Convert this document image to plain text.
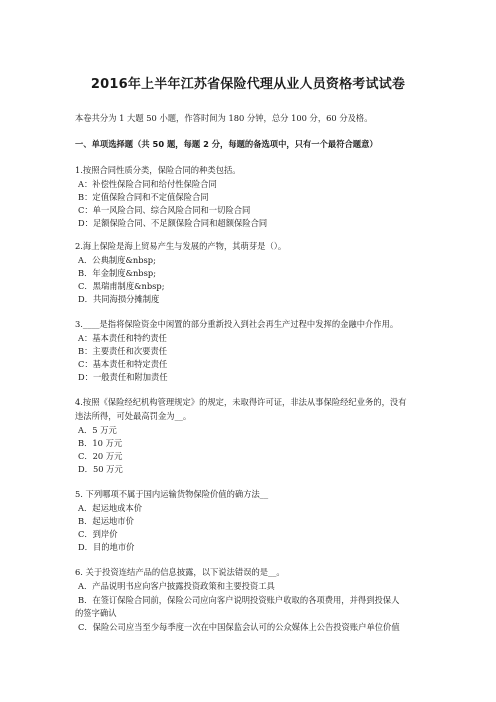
2016年上半年江苏省保险代理从业人员资格考试试卷
本卷共分为 1 大题 50 小题，作答时间为 180 分钟，总分 100 分，60 分及格。
一、单项选择题（共 50 题，每题 2 分，每题的备选项中，只有一个最符合题意）
1.按照合同性质分类，保险合同的种类包括。
A：补偿性保险合同和给付性保险合同
B：定值保险合同和不定值保险合同
C：单一风险合同、综合风险合同和一切险合同
D：足额保险合同、不足额保险合同和超额保险合同
2.海上保险是海上贸易产生与发展的产物，其萌芽是（）。
A．公典制度&nbsp;
B．年金制度&nbsp;
C．黑瑞甫制度&nbsp;
D．共同海损分摊制度
3.____是指将保险资金中闲置的部分重新投入到社会再生产过程中发挥的金融中介作用。
A：基本责任和特约责任
B：主要责任和次要责任
C：基本责任和特定责任
D：一般责任和附加责任
4.按照《保险经纪机构管理规定》的规定，未取得许可证，非法从事保险经纪业务的，没有
违法所得，可处最高罚金为__。
A．5 万元
B．10 万元
C．20 万元
D．50 万元
5. 下列哪项不属于国内运输货物保险价值的确方法__
A．起运地成本价
B．起运地市价
C．到岸价
D．目的地市价
6. 关于投资连结产品的信息披露，以下说法错误的是__。
A．产品说明书应向客户披露投资政策和主要投资工具
B．在签订保险合同前，保险公司应向客户说明投资账户收取的各项费用，并得到投保人
的签字确认
C．保险公司应当至少每季度一次在中国保监会认可的公众媒体上公告投资账户单位价值
